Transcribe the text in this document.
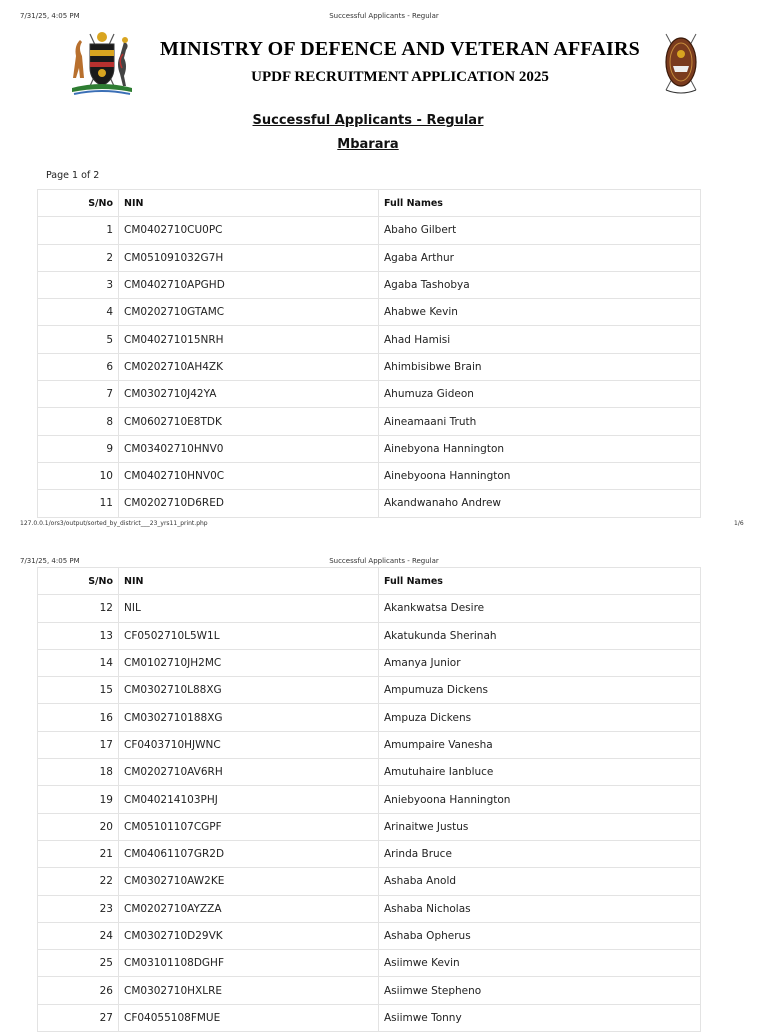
7/31/25, 4:05 PM	Successful Applicants - Regular
MINISTRY OF DEFENCE AND VETERAN AFFAIRS
UPDF RECRUITMENT APPLICATION 2025
Successful Applicants - Regular
Mbarara
Page 1 of 2
S/No	NIN	Full Names
1	CM0402710CU0PC	Abaho Gilbert
2	CM051091032G7H	Agaba Arthur
3	CM0402710APGHD	Agaba Tashobya
4	CM0202710GTAMC	Ahabwe Kevin
5	CM040271015NRH	Ahad Hamisi
6	CM0202710AH4ZK	Ahimbisibwe Brain
7	CM0302710J42YA	Ahumuza Gideon
8	CM0602710E8TDK	Aineamaani Truth
9	CM03402710HNV0	Ainebyona Hannington
10	CM0402710HNV0C	Ainebyoona Hannington
11	CM0202710D6RED	Akandwanaho Andrew
127.0.0.1/ors3/output/sorted_by_district___23_yrs11_print.php	1/6
7/31/25, 4:05 PM	Successful Applicants - Regular
S/No	NIN	Full Names
12	NIL	Akankwatsa Desire
13	CF0502710L5W1L	Akatukunda Sherinah
14	CM0102710JH2MC	Amanya Junior
15	CM0302710L88XG	Ampumuza Dickens
16	CM0302710188XG	Ampuza Dickens
17	CF0403710HJWNC	Amumpaire Vanesha
18	CM0202710AV6RH	Amutuhaire Ianbluce
19	CM040214103PHJ	Aniebyoona Hannington
20	CM05101107CGPF	Arinaitwe Justus
21	CM04061107GR2D	Arinda Bruce
22	CM0302710AW2KE	Ashaba Anold
23	CM0202710AYZZA	Ashaba Nicholas
24	CM0302710D29VK	Ashaba Opherus
25	CM03101108DGHF	Asiimwe Kevin
26	CM0302710HXLRE	Asiimwe Stepheno
27	CF04055108FMUE	Asiimwe Tonny
